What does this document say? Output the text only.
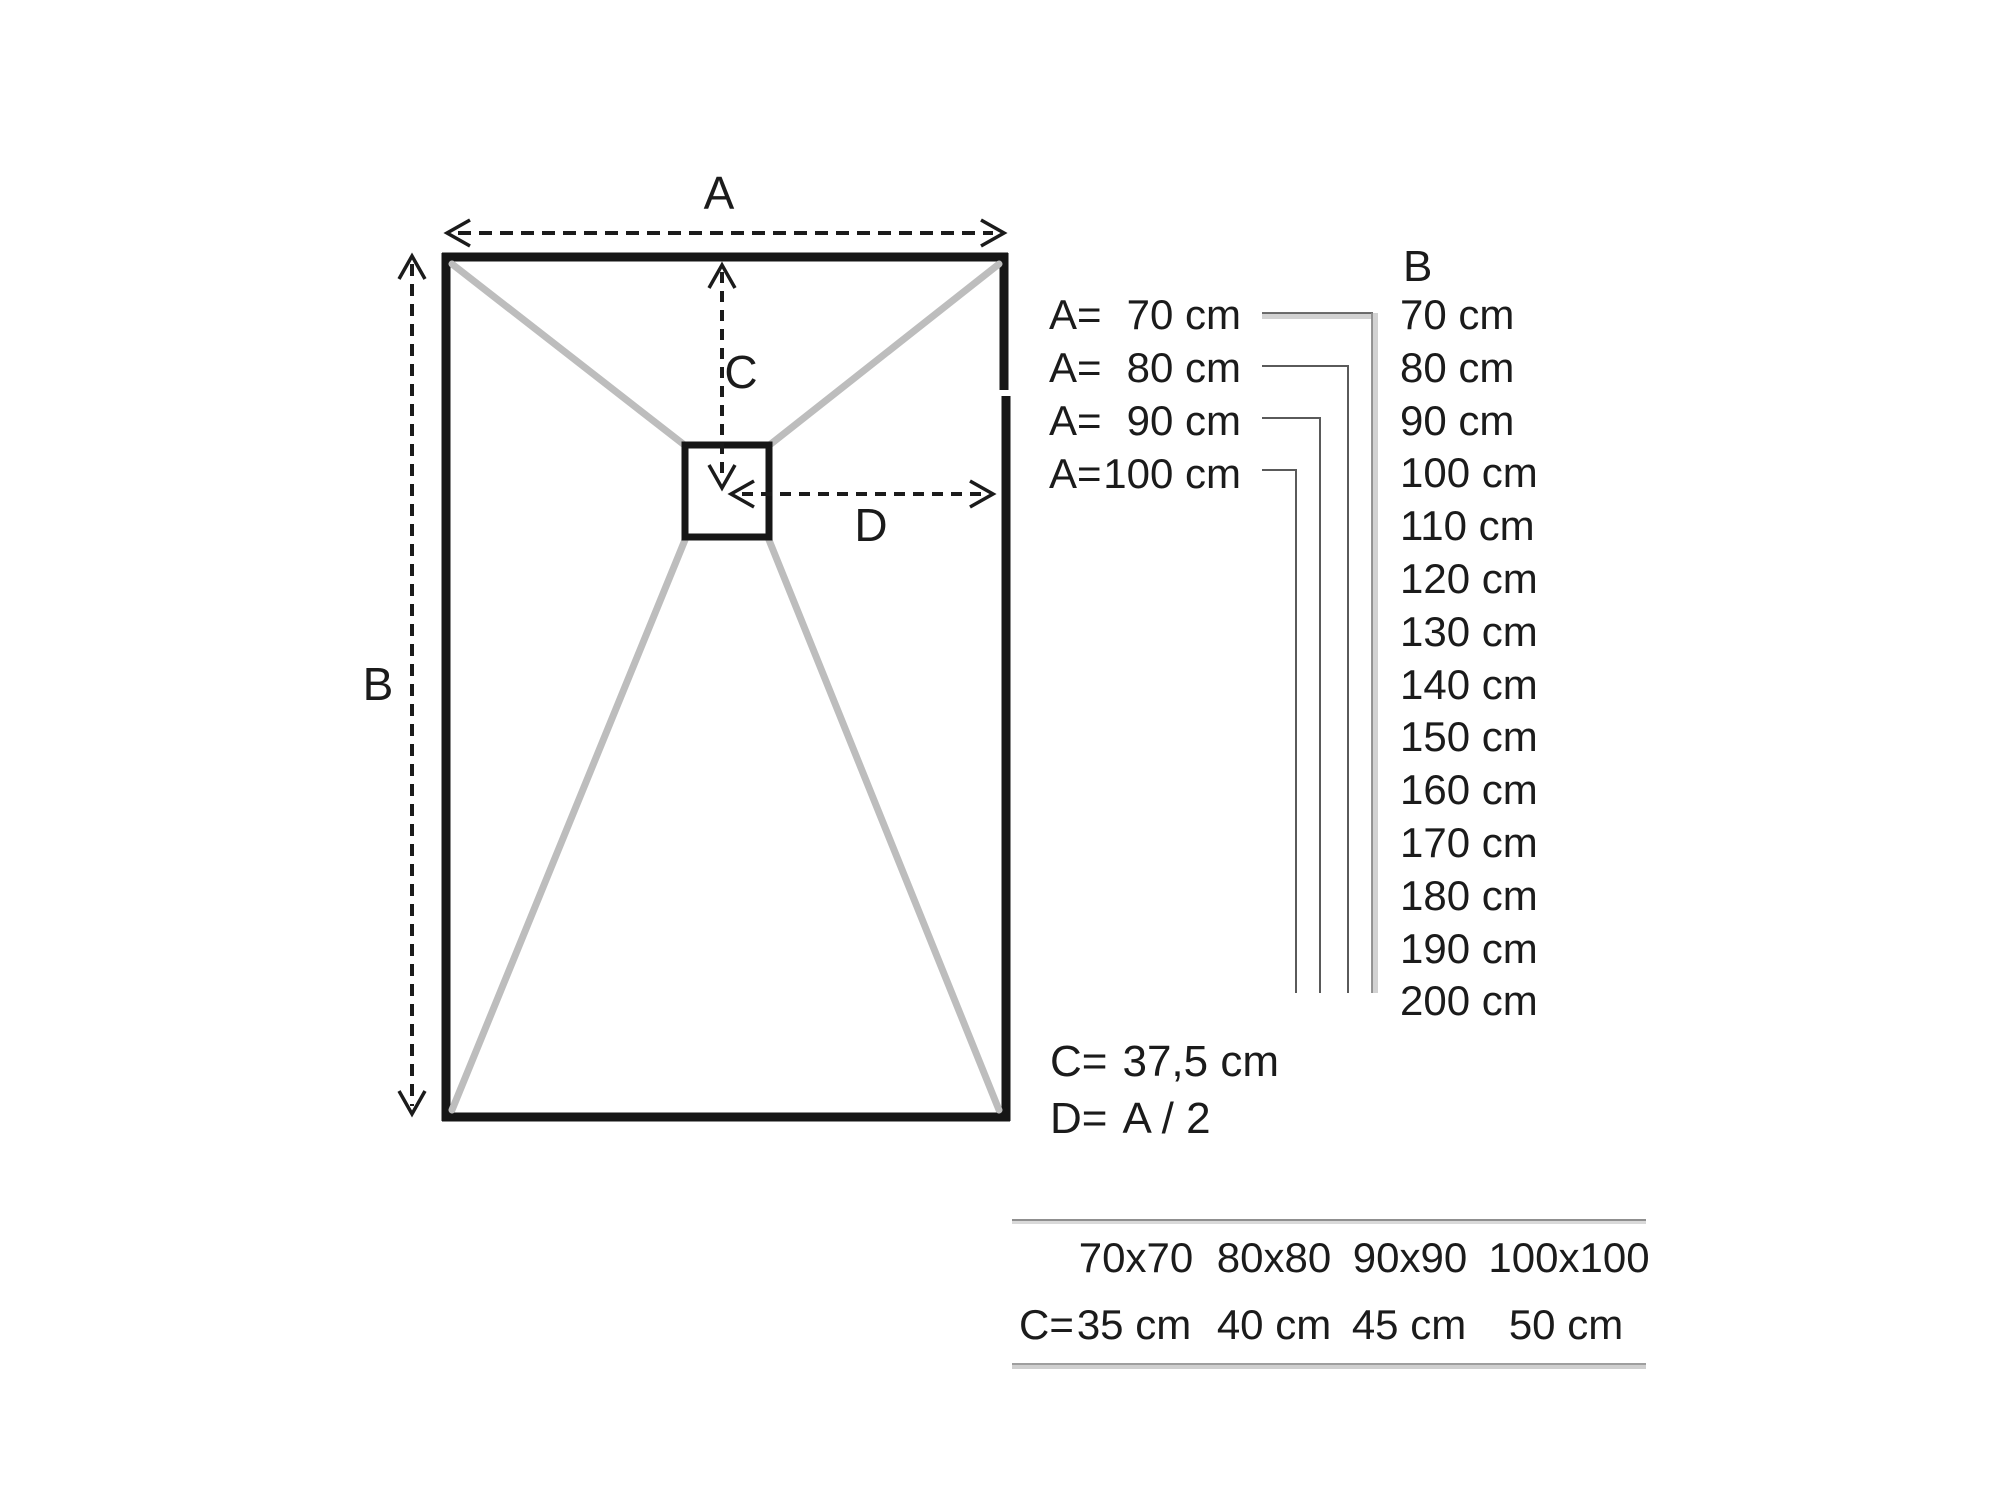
A
B
C
D
A= 70 cm
A= 80 cm
A= 90 cm
A= 100 cm
B
70 cm
80 cm
90 cm
100 cm
110 cm
120 cm
130 cm
140 cm
150 cm
160 cm
170 cm
180 cm
190 cm
200 cm
C= 37,5 cm
D= A / 2
70x70 80x80 90x90 100x100
C= 35 cm 40 cm 45 cm 50 cm
